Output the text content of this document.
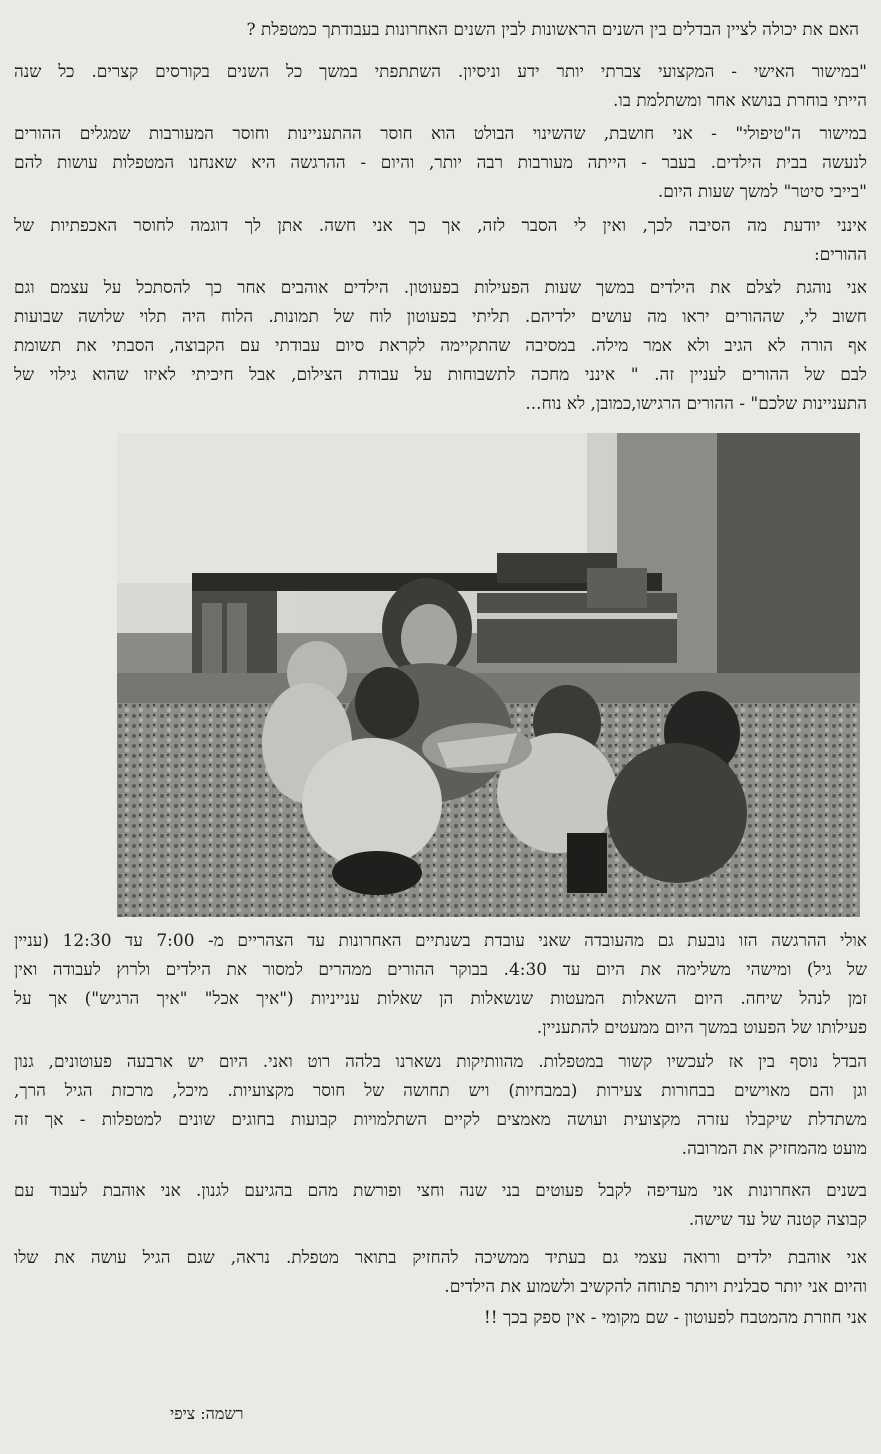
האם את יכולה לציין הבדלים בין השנים הראשונות לבין השנים האחרונות בעבודתך כמטפלת ?
"במישור האישי - המקצועי צברתי יותר ידע וניסיון. השתתפתי במשך כל השנים בקורסים קצרים. כל שנה
הייתי בוחרת בנושא אחר ומשתלמת בו.
במישור ה"טיפולי" - אני חושבת, שהשינוי הבולט הוא חוסר ההתעניינות וחוסר המעורבות שמגלים ההורים
לנעשה בבית הילדים. בעבר - הייתה מעורבות רבה יותר, והיום - ההרגשה היא שאנחנו המטפלות עושות להם
"בייבי סיטר" למשך שעות היום.
אינני יודעת מה הסיבה לכך, ואין לי הסבר לזה, אך כך אני חשה. אתן לך דוגמה לחוסר האכפתיות של
ההורים:
אני נוהגת לצלם את הילדים במשך שעות הפעילות בפעוטון. הילדים אוהבים אחר כך להסתכל על עצמם וגם
חשוב לי, שההורים יראו מה עושים ילדיהם. תליתי בפעוטון לוח של תמונות. הלוח היה תלוי שלושה שבועות
אף הורה לא הגיב ולא אמר מילה. במסיבה שהתקיימה לקראת סיום עבודתי עם הקבוצה, הסבתי את תשומת
לבם של ההורים לעניין זה. " אינני מחכה לתשבוחות על עבודת הצילום, אבל חיכיתי לאיזו שהוא גילוי של
התעניינות שלכם" - ההורים הרגישו,כמובן, לא נוח...
אולי ההרגשה הזו נובעת גם מהעובדה שאני עובדת בשנתיים האחרונות עד הצהריים מ- 7:00 עד 12:30 (עניין
של גיל) ומישהי משלימה את היום עד 4:30. בבוקר ההורים ממהרים למסור את הילדים ולרוץ לעבודה ואין
זמן לנהל שיחה. היום השאלות המעטות שנשאלות הן שאלות ענייניות ("איך אכל" "איך הרגיש") אך על
פעילותו של הפעוט במשך היום ממעטים להתעניין.
הבדל נוסף בין אז לעכשיו קשור במטפלות. מהוותיקות נשארנו בלהה רוט ואני. היום יש ארבעה פעוטונים, גנון
וגן והם מאוישים בבחורות צעירות (במבחיות) ויש תחושה של חוסר מקצועיות. מיכל, מרכזת הגיל הרך,
משתדלת שיקבלו עזרה מקצועית ועושה מאמצים לקיים השתלמויות קבועות בחוגים שונים למטפלות - אך זה
מועט מהמחזיק את המרובה.
בשנים האחרונות אני מעדיפה לקבל פעוטים בני שנה וחצי ופורשת מהם בהגיעם לגנון. אני אוהבת לעבוד עם
קבוצה קטנה של עד שישה.
אני אוהבת ילדים ורואה עצמי גם בעתיד ממשיכה להחזיק בתואר מטפלת. נראה, שגם הגיל עושה את שלו
והיום אני יותר סבלנית ויותר פתוחה להקשיב ולשמוע את הילדים.
אני חוזרת מהמטבח לפעוטון - שם מקומי - אין ספק בכך !!
רשמה: ציפי
